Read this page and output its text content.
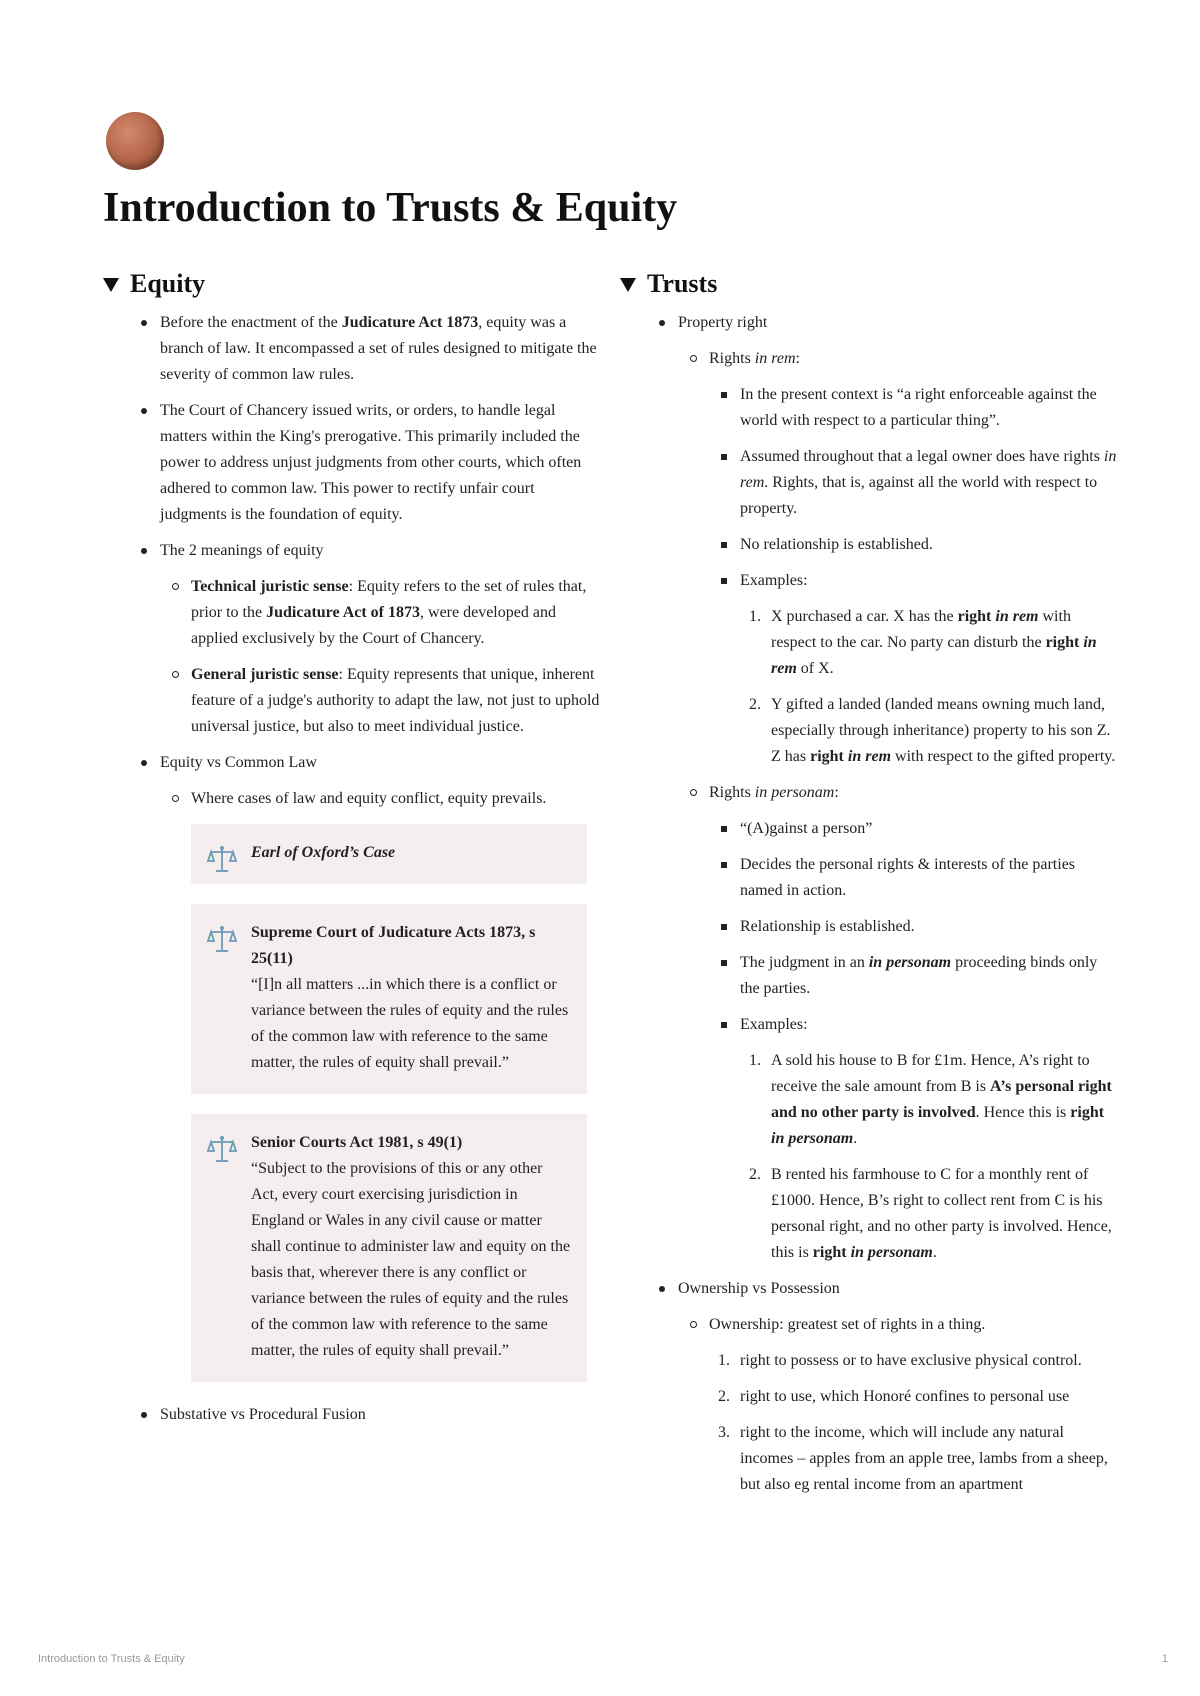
Introduction to Trusts & Equity
Equity
Before the enactment of the Judicature Act 1873, equity was a branch of law. It encompassed a set of rules designed to mitigate the severity of common law rules.
The Court of Chancery issued writs, or orders, to handle legal matters within the King's prerogative. This primarily included the power to address unjust judgments from other courts, which often adhered to common law. This power to rectify unfair court judgments is the foundation of equity.
The 2 meanings of equity
Technical juristic sense: Equity refers to the set of rules that, prior to the Judicature Act of 1873, were developed and applied exclusively by the Court of Chancery.
General juristic sense: Equity represents that unique, inherent feature of a judge's authority to adapt the law, not just to uphold universal justice, but also to meet individual justice.
Equity vs Common Law
Where cases of law and equity conflict, equity prevails.
Earl of Oxford’s Case
Supreme Court of Judicature Acts 1873, s 25(11)
“[I]n all matters ...in which there is a conflict or variance between the rules of equity and the rules of the common law with reference to the same matter, the rules of equity shall prevail.”
Senior Courts Act 1981, s 49(1)
“Subject to the provisions of this or any other Act, every court exercising jurisdiction in England or Wales in any civil cause or matter shall continue to administer law and equity on the basis that, wherever there is any conflict or variance between the rules of equity and the rules of the common law with reference to the same matter, the rules of equity shall prevail.”
Substative vs Procedural Fusion
Trusts
Property right
Rights in rem:
In the present context is “a right enforceable against the world with respect to a particular thing”.
Assumed throughout that a legal owner does have rights in rem. Rights, that is, against all the world with respect to property.
No relationship is established.
Examples:
X purchased a car. X has the right in rem with respect to the car. No party can disturb the right in rem of X.
Y gifted a landed (landed means owning much land, especially through inheritance) property to his son Z. Z has right in rem with respect to the gifted property.
Rights in personam:
“(A)gainst a person”
Decides the personal rights & interests of the parties named in action.
Relationship is established.
The judgment in an in personam proceeding binds only the parties.
Examples:
A sold his house to B for £1m. Hence, A’s right to receive the sale amount from B is A’s personal right and no other party is involved. Hence this is right in personam.
B rented his farmhouse to C for a monthly rent of £1000. Hence, B’s right to collect rent from C is his personal right, and no other party is involved. Hence, this is right in personam.
Ownership vs Possession
Ownership: greatest set of rights in a thing.
right to possess or to have exclusive physical control.
right to use, which Honoré confines to personal use
right to the income, which will include any natural incomes – apples from an apple tree, lambs from a sheep, but also eg rental income from an apartment
Introduction to Trusts & Equity	1
